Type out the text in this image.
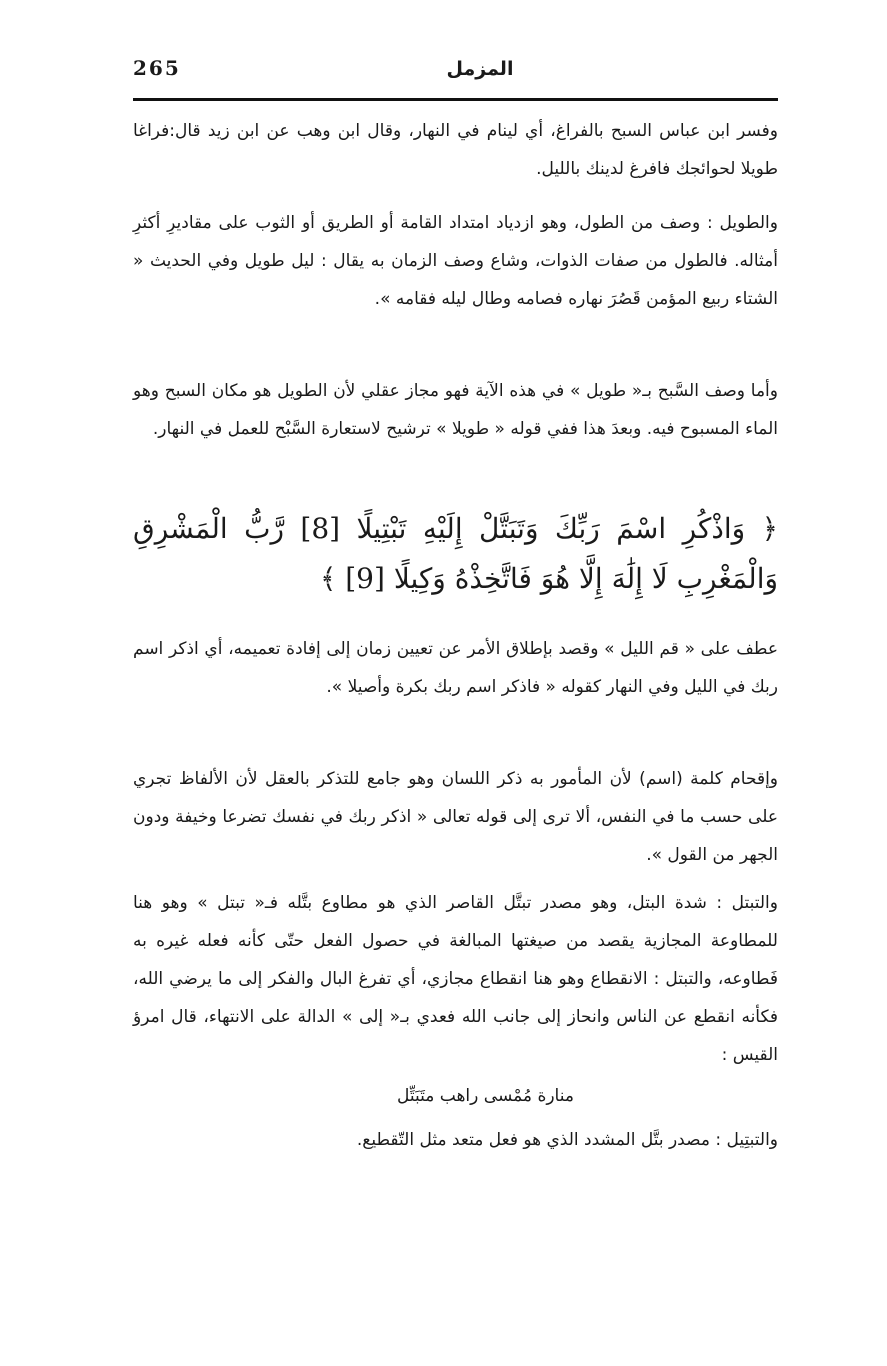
265	المزمل

وفسر ابن عباس السبح بالفراغ، أي لينام في النهار، وقال ابن وهب عن ابن زيد قال:فراغا طويلا لحوائجك فافرغ لدينك بالليل.

والطويل : وصف من الطول، وهو ازدياد امتداد القامة أو الطريق أو الثوب على مقاديرِ أكثرِ أمثاله. فالطول من صفات الذوات، وشاع وصف الزمان به يقال : ليل طويل وفي الحديث « الشتاء ربيع المؤمن قَصُرَ نهاره فصامه وطال ليله فقامه ».

وأما وصف السَّبح بـ« طويل » في هذه الآية فهو مجاز عقلي لأن الطويل هو مكان السبح وهو الماء المسبوح فيه. وبعدَ هذا ففي قوله « طويلا » ترشيح لاستعارة السَّبْح للعمل في النهار.

﴿ وَاذْكُرِ اسْمَ رَبِّكَ وَتَبَتَّلْ إِلَيْهِ تَبْتِيلًا [8] رَّبُّ الْمَشْرِقِ وَالْمَغْرِبِ لَا إِلَٰهَ إِلَّا هُوَ فَاتَّخِذْهُ وَكِيلًا [9] ﴾

عطف على « قم الليل » وقصد بإطلاق الأمر عن تعيين زمان إلى إفادة تعميمه، أي اذكر اسم ربك في الليل وفي النهار كقوله « فاذكر اسم ربك بكرة وأصيلا ».

وإقحام كلمة (اسم) لأن المأمور به ذكر اللسان وهو جامع للتذكر بالعقل لأن الألفاظ تجري على حسب ما في النفس، ألا ترى إلى قوله تعالى « اذكر ربك في نفسك تضرعا وخيفة ودون الجهر من القول ».

والتبتل : شدة البتل، وهو مصدر تبتَّل القاصر الذي هو مطاوع بتَّله فـ« تبتل » وهو هنا للمطاوعة المجازية يقصد من صيغتها المبالغة في حصول الفعل حتّى كأنه فعله غيره به فَطاوعه، والتبتل : الانقطاع وهو هنا انقطاع مجازي، أي تفرغ البال والفكر إلى ما يرضي الله، فكأنه انقطع عن الناس وانحاز إلى جانب الله فعدي بـ« إلى » الدالة على الانتهاء، قال امرؤ القيس :

منارة مُمْسى راهب متَبَتِّل

والتبتِيل : مصدر بتَّل المشدد الذي هو فعل متعد مثل التّقطيع.
